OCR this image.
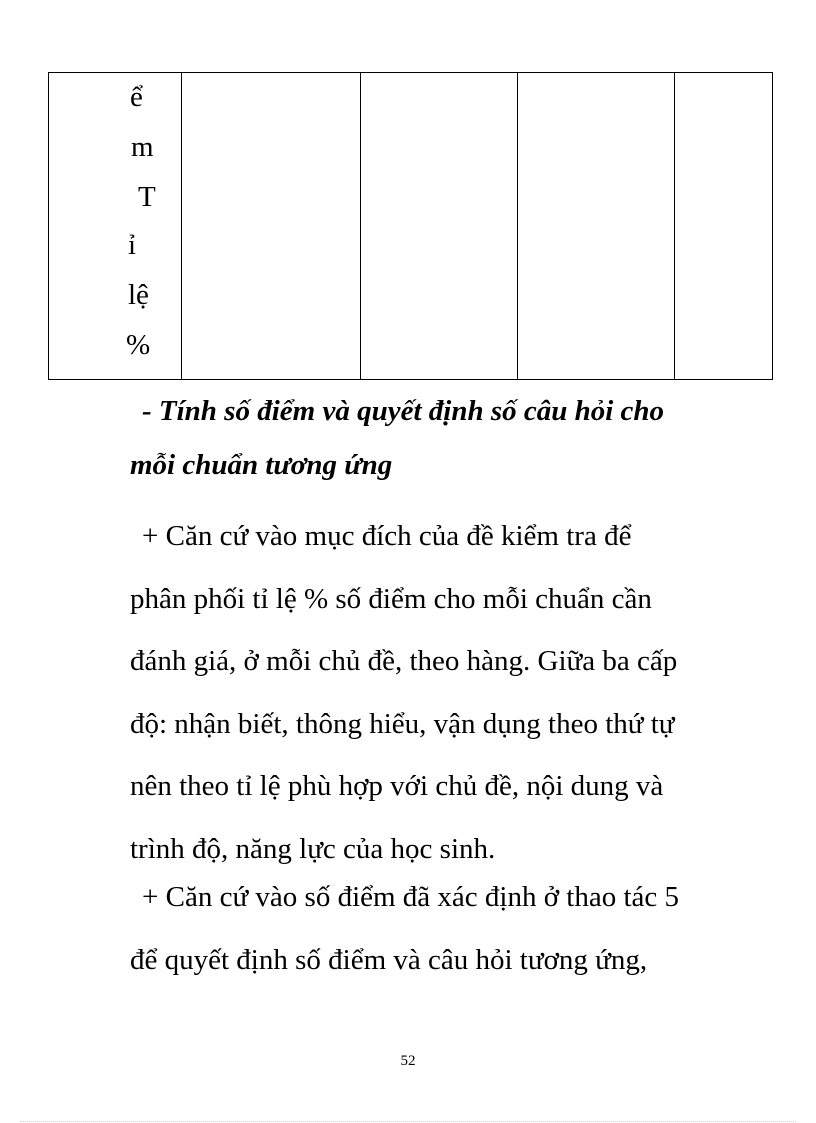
ể
m
T
ỉ
lệ
%

- Tính số điểm và quyết định số câu hỏi cho
mỗi chuẩn tương ứng

+ Căn cứ vào mục đích của đề kiểm tra để
phân phối tỉ lệ % số điểm cho mỗi chuẩn cần
đánh giá, ở mỗi chủ đề, theo hàng. Giữa ba cấp
độ: nhận biết, thông hiểu, vận dụng theo thứ tự
nên theo tỉ lệ phù hợp với chủ đề, nội dung và
trình độ, năng lực của học sinh.

+ Căn cứ vào số điểm đã xác định ở thao tác 5
để quyết định số điểm và câu hỏi tương ứng,

52
